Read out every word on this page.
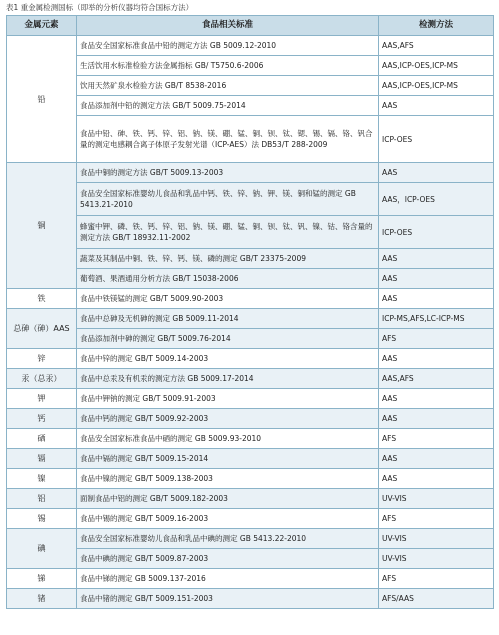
表1 重金属检测国标（即举的分析仪器均符合国标方法）
金属元素	食品相关标准	检测方法
铅	食品安全国家标准食品中铅的测定方法 GB 5009.12-2010	AAS,AFS
	生活饮用水标准检验方法金属指标 GB/ T5750.6-2006	AAS,ICP-OES,ICP-MS
	饮用天然矿泉水检验方法 GB/T 8538-2016	AAS,ICP-OES,ICP-MS
	食品添加剂中铅的测定方法 GB/T 5009.75-2014	AAS
	食品中铅、砷、铁、钙、锌、铝、钠、镁、硼、锰、铜、钡、钛、锶、锡、镉、铬、钒合量的测定电感耦合离子体原子发射光谱（ICP-AES）法 DB53/T 288-2009	ICP-OES
铜	食品中铜的测定方法 GB/T 5009.13-2003	AAS
	食品安全国家标准婴幼儿食品和乳品中钙、铁、锌、钠、钾、镁、铜和锰的测定 GB 5413.21-2010	AAS，ICP-OES
	蜂蜜中钾、磷、铁、钙、锌、铝、钠、镁、硼、锰、铜、钡、钛、钒、镍、钴、铬含量的测定方法 GB/T 18932.11-2002	ICP-OES
	蔬菜及其制品中铜、铁、锌、钙、镁、磷的测定 GB/T 23375-2009	AAS
	葡萄酒、果酒通用分析方法 GB/T 15038-2006	AAS
铁	食品中铁镁锰的测定 GB/T 5009.90-2003	AAS
总砷（砷）AAS	食品中总砷及无机砷的测定 GB 5009.11-2014	ICP-MS,AFS,LC-ICP-MS
	食品添加剂中砷的测定 GB/T 5009.76-2014	AFS
锌	食品中锌的测定 GB/T 5009.14-2003	AAS
汞（总汞）	食品中总汞及有机汞的测定方法 GB 5009.17-2014	AAS,AFS
钾	食品中钾钠的测定 GB/T 5009.91-2003	AAS
钙	食品中钙的测定 GB/T 5009.92-2003	AAS
硒	食品安全国家标准食品中硒的测定 GB 5009.93-2010	AFS
镉	食品中镉的测定 GB/T 5009.15-2014	AAS
镍	食品中镍的测定 GB/T 5009.138-2003	AAS
铝	面制食品中铝的测定 GB/T 5009.182-2003	UV-VIS
锡	食品中锡的测定 GB/T 5009.16-2003	AFS
碘	食品安全国家标准婴幼儿食品和乳品中碘的测定 GB 5413.22-2010	UV-VIS
	食品中碘的测定 GB/T 5009.87-2003	UV-VIS
锑	食品中锑的测定 GB 5009.137-2016	AFS
锗	食品中锗的测定 GB/T 5009.151-2003	AFS/AAS
